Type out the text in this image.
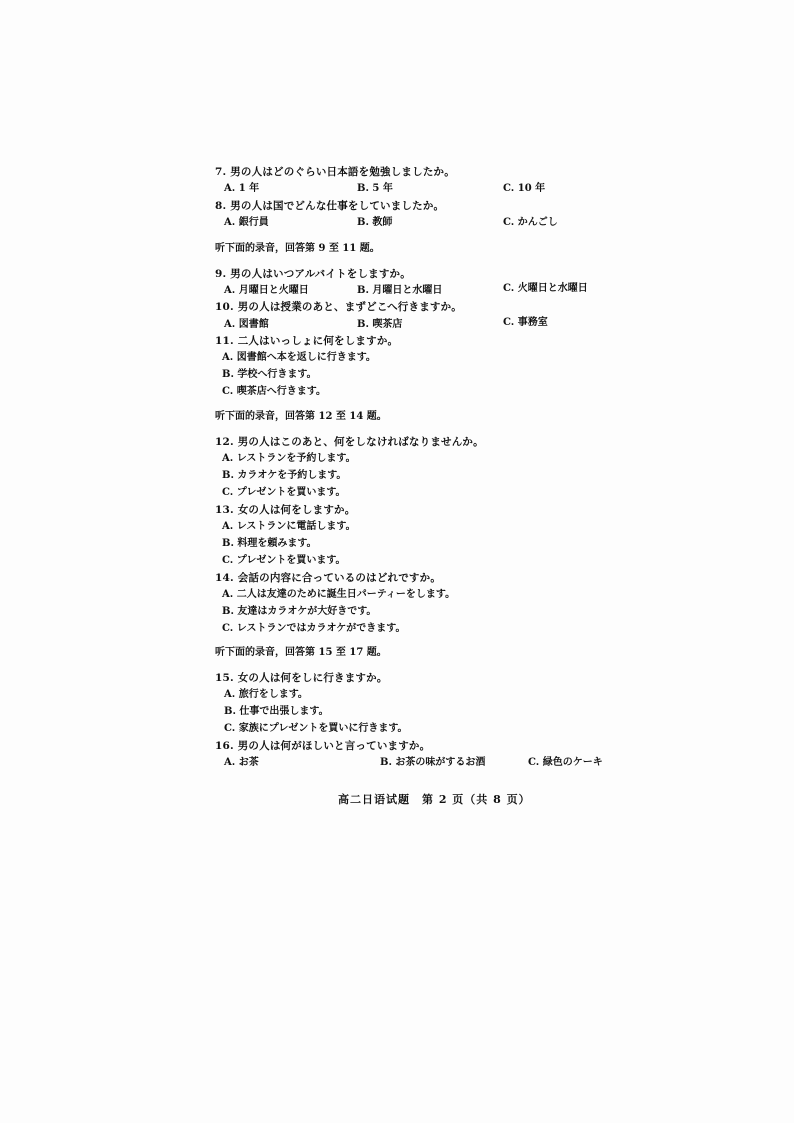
7. 男の人はどのぐらい日本語を勉強しましたか。
A. 1 年	B. 5 年	C. 10 年
8. 男の人は国でどんな仕事をしていましたか。
A. 銀行員	B. 教師	C. かんごし
听下面的录音，回答第 9 至 11 题。
9. 男の人はいつアルバイトをしますか。
A. 月曜日と火曜日	B. 月曜日と水曜日	C. 火曜日と水曜日
10. 男の人は授業のあと、まずどこへ行きますか。
A. 図書館	B. 喫茶店	C. 事務室
11. 二人はいっしょに何をしますか。
A. 図書館へ本を返しに行きます。
B. 学校へ行きます。
C. 喫茶店へ行きます。
听下面的录音，回答第 12 至 14 题。
12. 男の人はこのあと、何をしなければなりませんか。
A. レストランを予約します。
B. カラオケを予約します。
C. プレゼントを買います。
13. 女の人は何をしますか。
A. レストランに電話します。
B. 料理を頼みます。
C. プレゼントを買います。
14. 会話の内容に合っているのはどれですか。
A. 二人は友達のために誕生日パーティーをします。
B. 友達はカラオケが大好きです。
C. レストランではカラオケができます。
听下面的录音，回答第 15 至 17 题。
15. 女の人は何をしに行きますか。
A. 旅行をします。
B. 仕事で出張します。
C. 家族にプレゼントを買いに行きます。
16. 男の人は何がほしいと言っていますか。
A. お茶	B. お茶の味がするお酒	C. 緑色のケーキ
高二日语试题　第 2 页（共 8 页）
